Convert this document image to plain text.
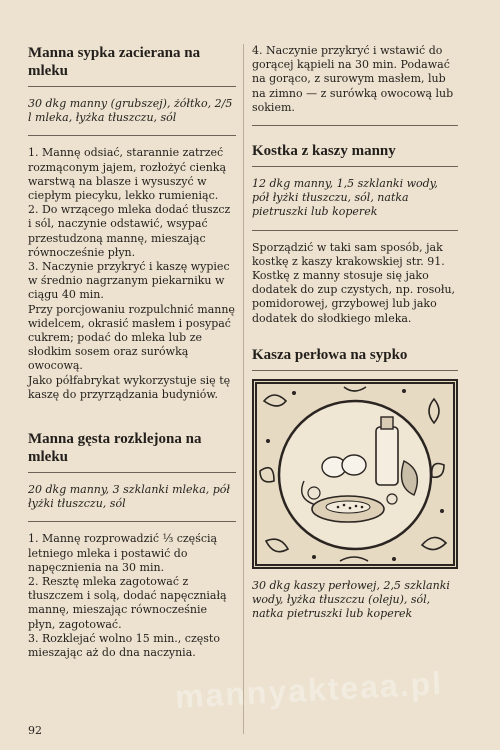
Manna sypka zacierana na mleku
30 dkg manny (grubszej), żółtko, 2/5 l mleka, łyżka tłuszczu, sól

1. Mannę odsiać, starannie zatrzeć rozmąconym jajem, rozłożyć cienką warstwą na blasze i wysuszyć w ciepłym piecyku, lekko rumieniąc.

2. Do wrzącego mleka dodać tłuszcz i sól, naczynie odstawić, wsypać przestudzoną mannę, mieszając równocześnie płyn.

3. Naczynie przykryć i kaszę wypiec w średnio nagrzanym piekarniku w ciągu 40 min.

Przy porcjowaniu rozpulchnić mannę widelcem, okrasić masłem i posypać cukrem; podać do mleka lub ze słodkim sosem oraz surówką owocową.

Jako półfabrykat wykorzystuje się tę kaszę do przyrządzania budyniów.

Manna gęsta rozklejona na mleku
20 dkg manny, 3 szklanki mleka, pół łyżki tłuszczu, sól

1. Mannę rozprowadzić ⅓ częścią letniego mleka i postawić do napęcznienia na 30 min.

2. Resztę mleka zagotować z tłuszczem i solą, dodać napęczniałą mannę, mieszając równocześnie płyn, zagotować.

3. Rozklejać wolno 15 min., często mieszając aż do dna naczynia.

4. Naczynie przykryć i wstawić do gorącej kąpieli na 30 min. Podawać na gorąco, z surowym masłem, lub na zimno — z surówką owocową lub sokiem.

Kostka z kaszy manny
12 dkg manny, 1,5 szklanki wody, pół łyżki tłuszczu, sól, natka pietruszki lub koperek

Sporządzić w taki sam sposób, jak kostkę z kaszy krakowskiej str. 91.

Kostkę z manny stosuje się jako dodatek do zup czystych, np. rosołu, pomidorowej, grzybowej lub jako dodatek do słodkiego mleka.

Kasza perłowa na sypko
30 dkg kaszy perłowej, 2,5 szklanki wody, łyżka tłuszczu (oleju), sól, natka pietruszki lub koperek
92
mannyakteaa.pl
